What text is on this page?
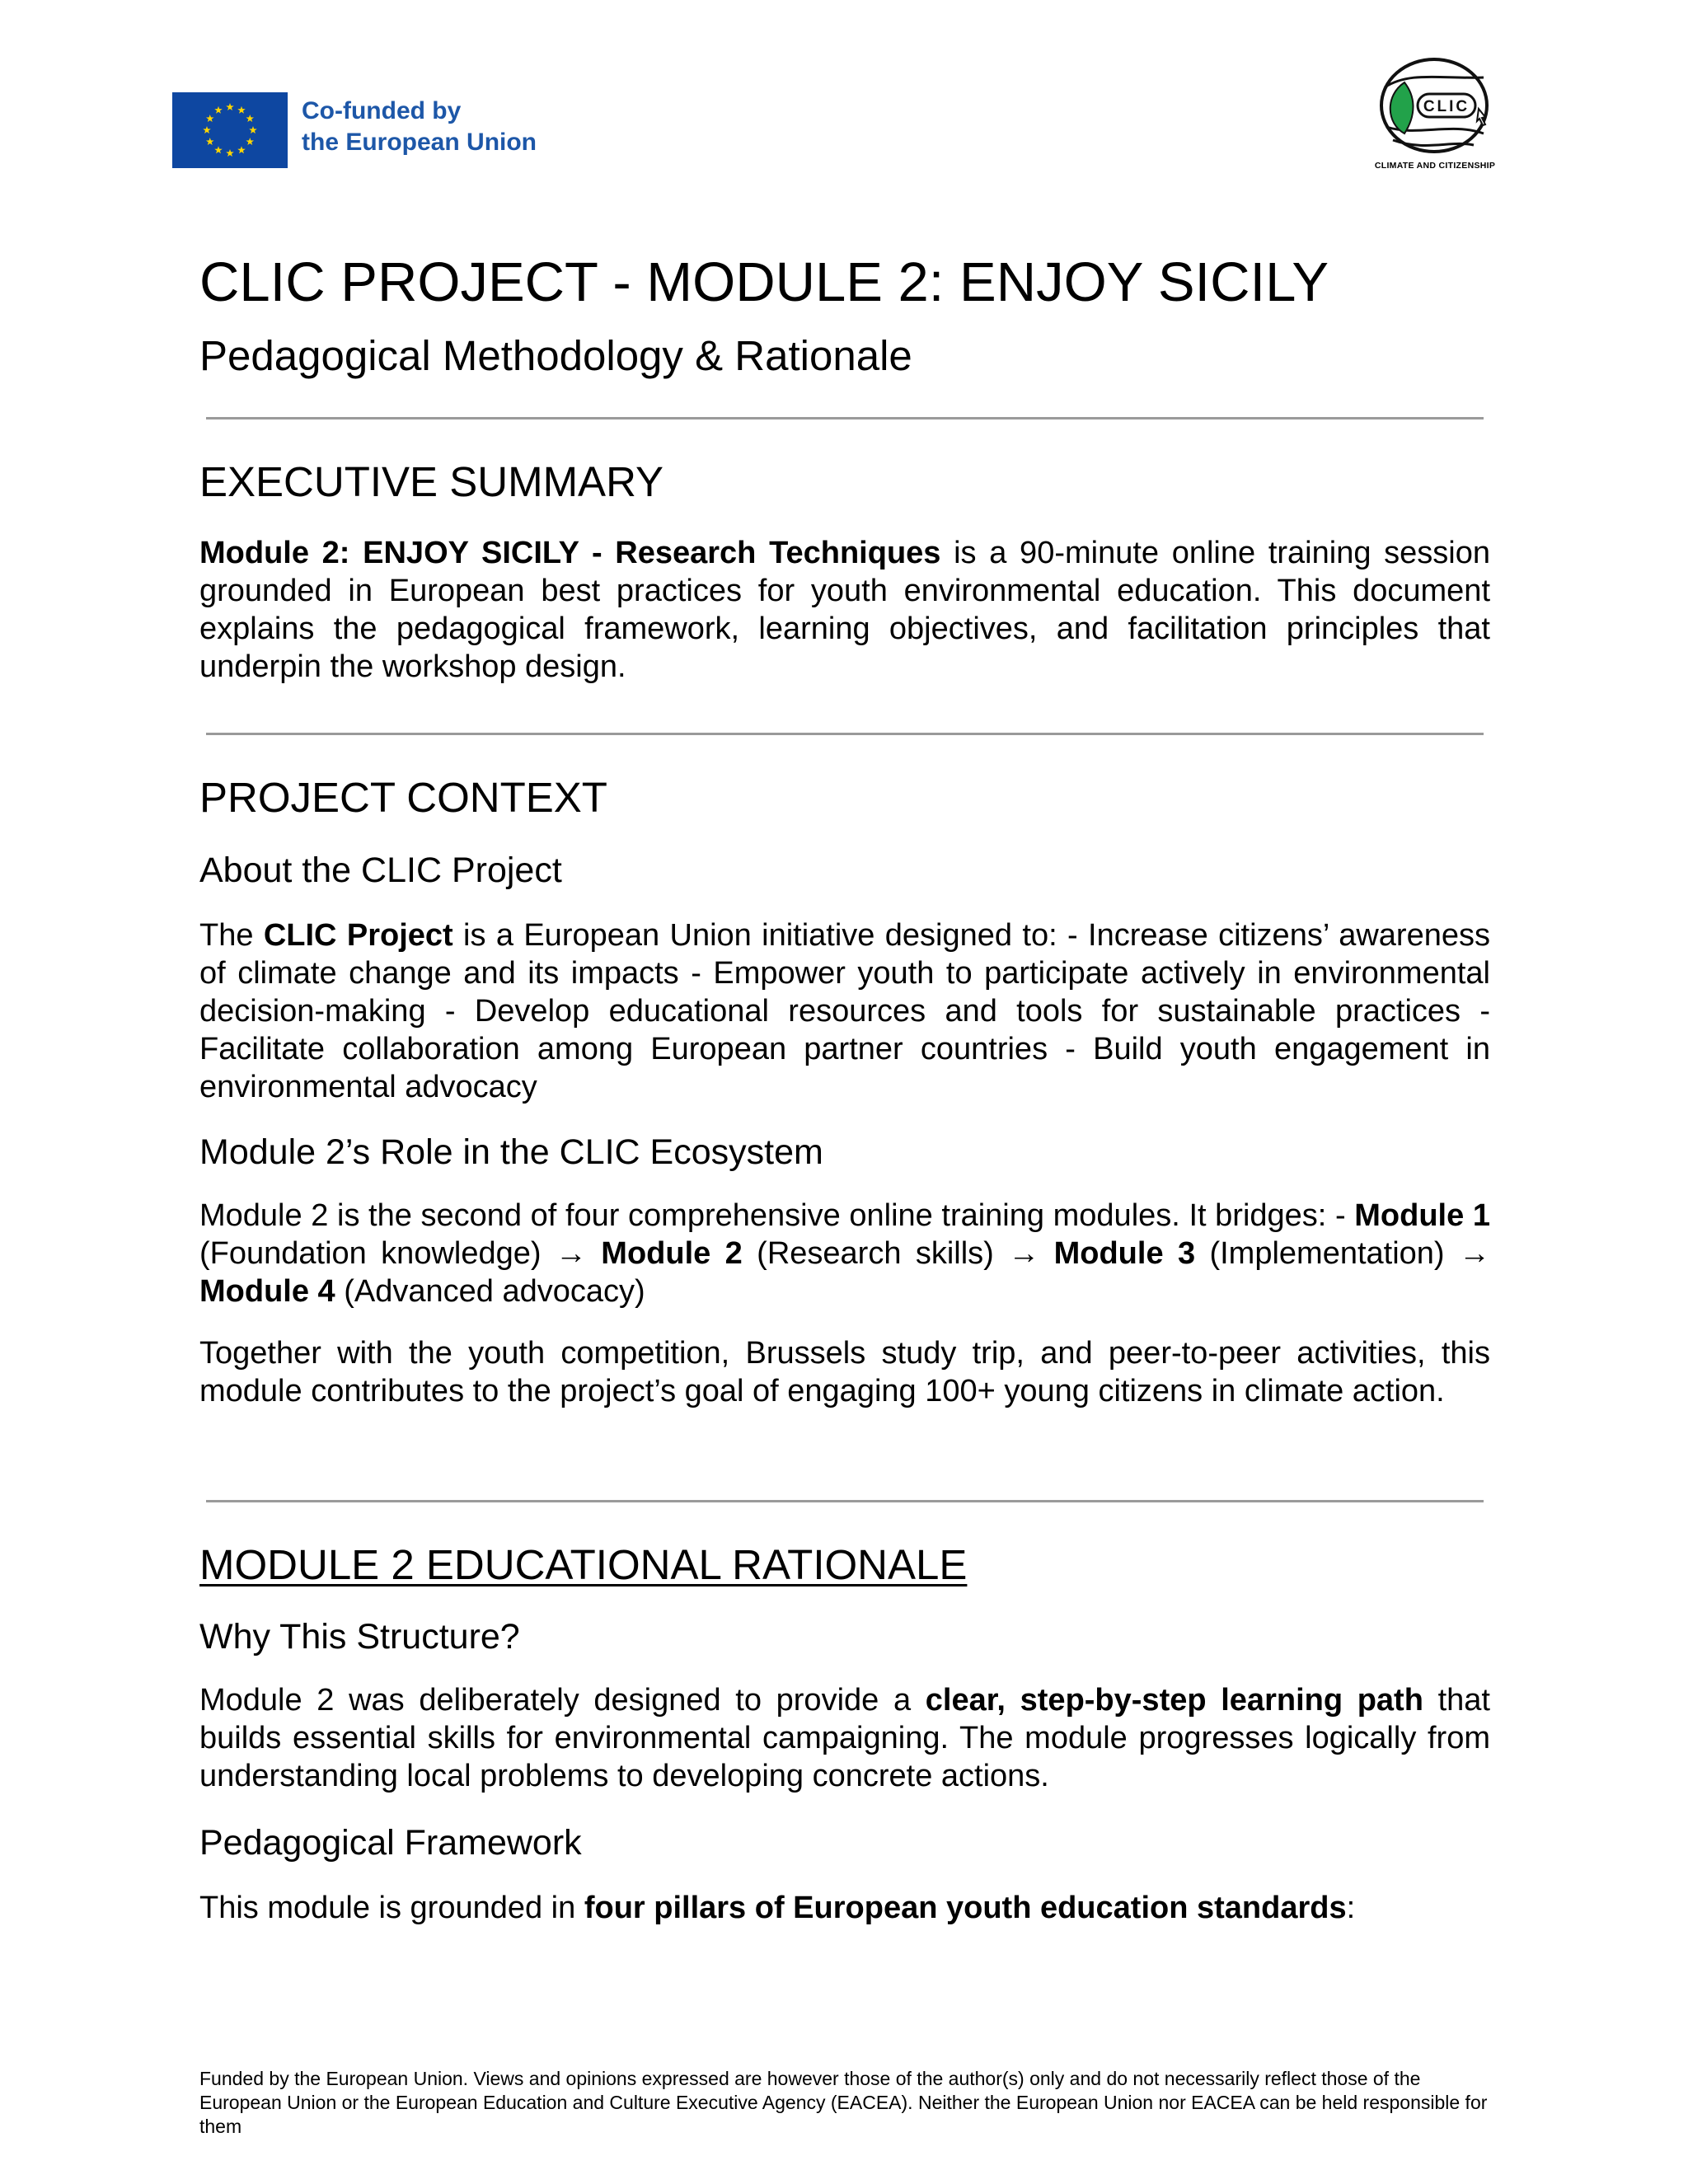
Co-funded by
the European Union
CLIC
CLIMATE AND CITIZENSHIP
CLIC PROJECT - MODULE 2: ENJOY SICILY
Pedagogical Methodology & Rationale
EXECUTIVE SUMMARY

Module 2: ENJOY SICILY - Research Techniques is a 90-minute online training session grounded in European best practices for youth environmental education. This document explains the pedagogical framework, learning objectives, and facilitation principles that underpin the workshop design.

PROJECT CONTEXT
About the CLIC Project

The CLIC Project is a European Union initiative designed to: - Increase citizens’ awareness of climate change and its impacts - Empower youth to participate actively in environmental decision-making - Develop educational resources and tools for sustainable practices - Facilitate collaboration among European partner countries - Build youth engagement in environmental advocacy

Module 2’s Role in the CLIC Ecosystem

Module 2 is the second of four comprehensive online training modules. It bridges: - Module 1 (Foundation knowledge) → Module 2 (Research skills) → Module 3 (Implementation) → Module 4 (Advanced advocacy)

Together with the youth competition, Brussels study trip, and peer-to-peer activities, this module contributes to the project’s goal of engaging 100+ young citizens in climate action.

MODULE 2 EDUCATIONAL RATIONALE
Why This Structure?

Module 2 was deliberately designed to provide a clear, step-by-step learning path that builds essential skills for environmental campaigning. The module progresses logically from understanding local problems to developing concrete actions.

Pedagogical Framework

This module is grounded in four pillars of European youth education standards:

Funded by the European Union. Views and opinions expressed are however those of the author(s) only and do not necessarily reflect those of the European Union or the European Education and Culture Executive Agency (EACEA). Neither the European Union nor EACEA can be held responsible for them
